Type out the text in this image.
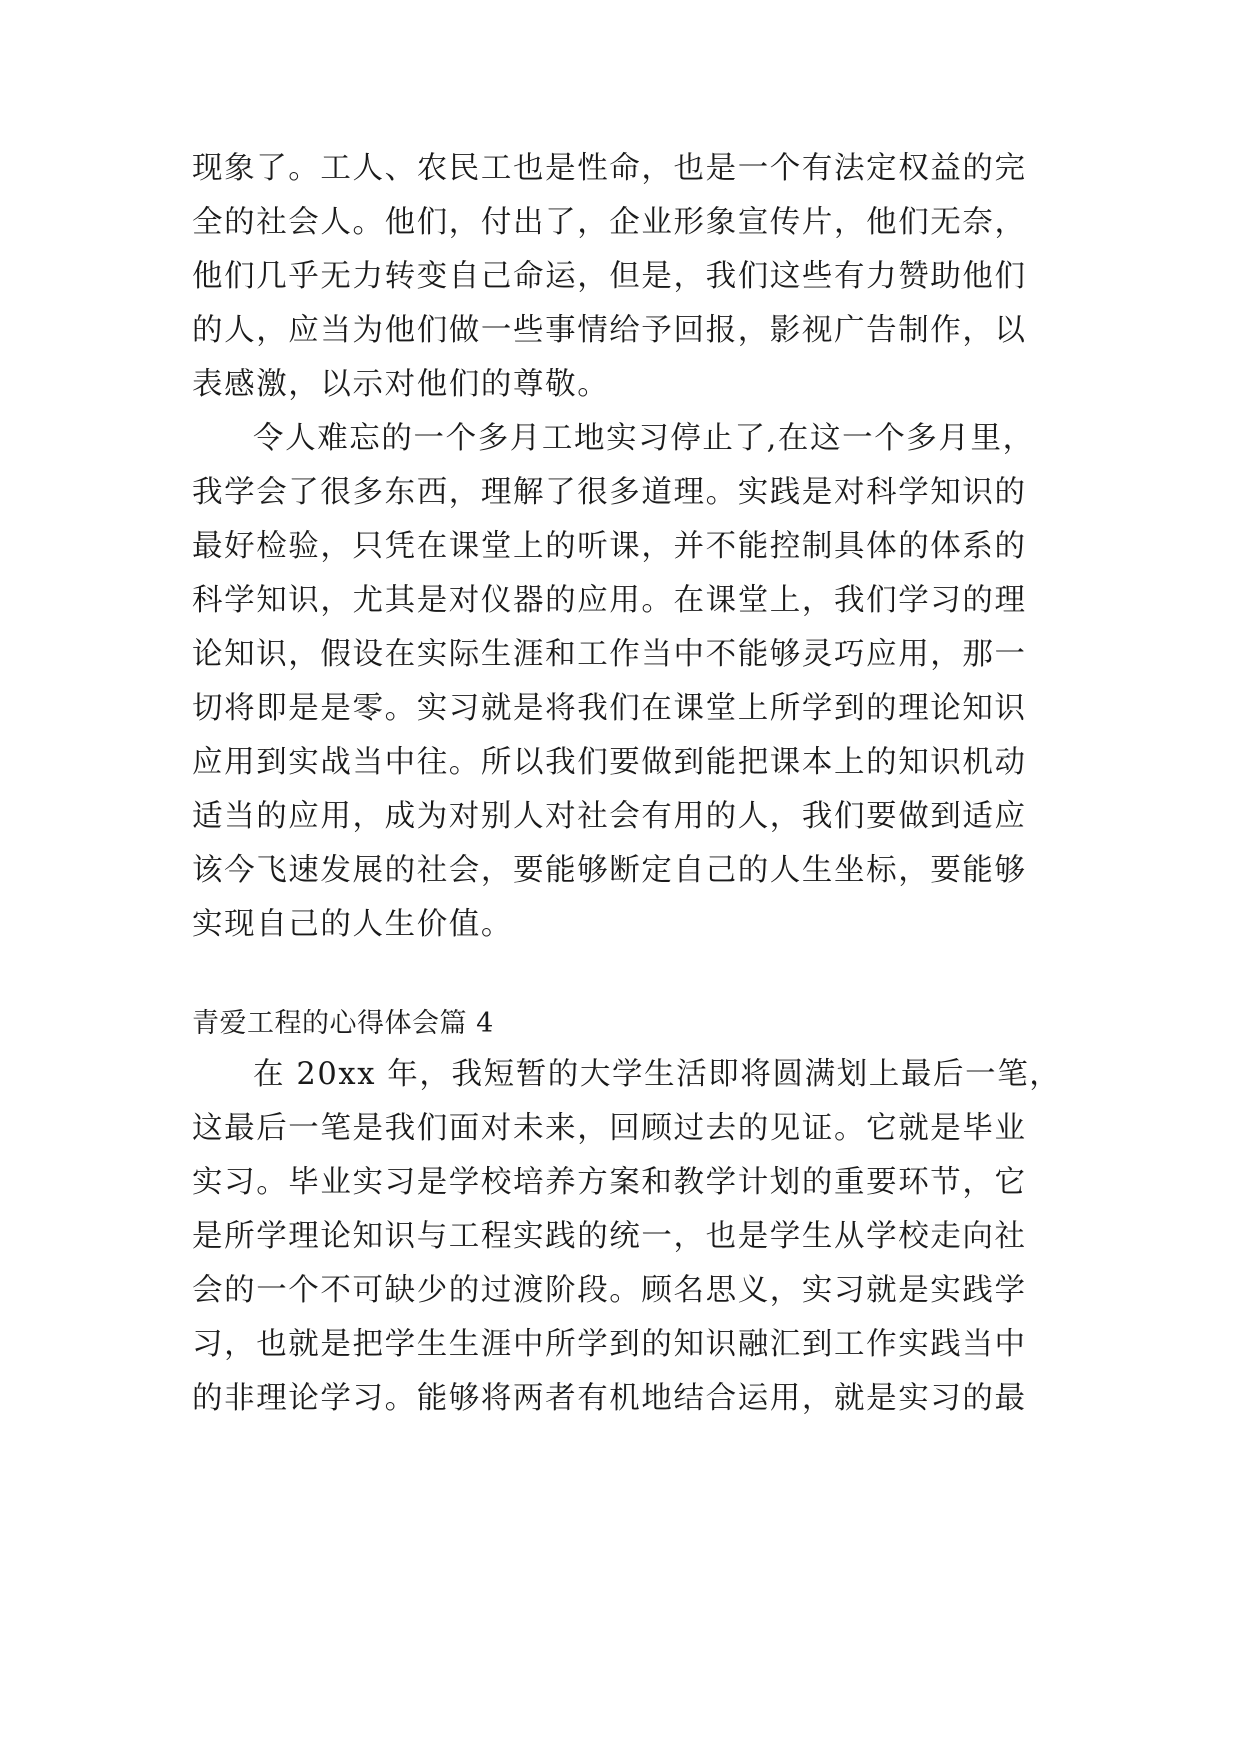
现象了。工人、农民工也是性命，也是一个有法定权益的完
全的社会人。他们，付出了，企业形象宣传片，他们无奈，
他们几乎无力转变自己命运，但是，我们这些有力赞助他们
的人，应当为他们做一些事情给予回报，影视广告制作，以
表感激，以示对他们的尊敬。
令人难忘的一个多月工地实习停止了,在这一个多月里，
我学会了很多东西，理解了很多道理。实践是对科学知识的
最好检验，只凭在课堂上的听课，并不能控制具体的体系的
科学知识，尤其是对仪器的应用。在课堂上，我们学习的理
论知识，假设在实际生涯和工作当中不能够灵巧应用，那一
切将即是是零。实习就是将我们在课堂上所学到的理论知识
应用到实战当中往。所以我们要做到能把课本上的知识机动
适当的应用，成为对别人对社会有用的人，我们要做到适应
该今飞速发展的社会，要能够断定自己的人生坐标，要能够
实现自己的人生价值。
青爱工程的心得体会篇 4
在 20xx 年，我短暂的大学生活即将圆满划上最后一笔，
这最后一笔是我们面对未来，回顾过去的见证。它就是毕业
实习。毕业实习是学校培养方案和教学计划的重要环节，它
是所学理论知识与工程实践的统一，也是学生从学校走向社
会的一个不可缺少的过渡阶段。顾名思义，实习就是实践学
习，也就是把学生生涯中所学到的知识融汇到工作实践当中
的非理论学习。能够将两者有机地结合运用，就是实习的最
